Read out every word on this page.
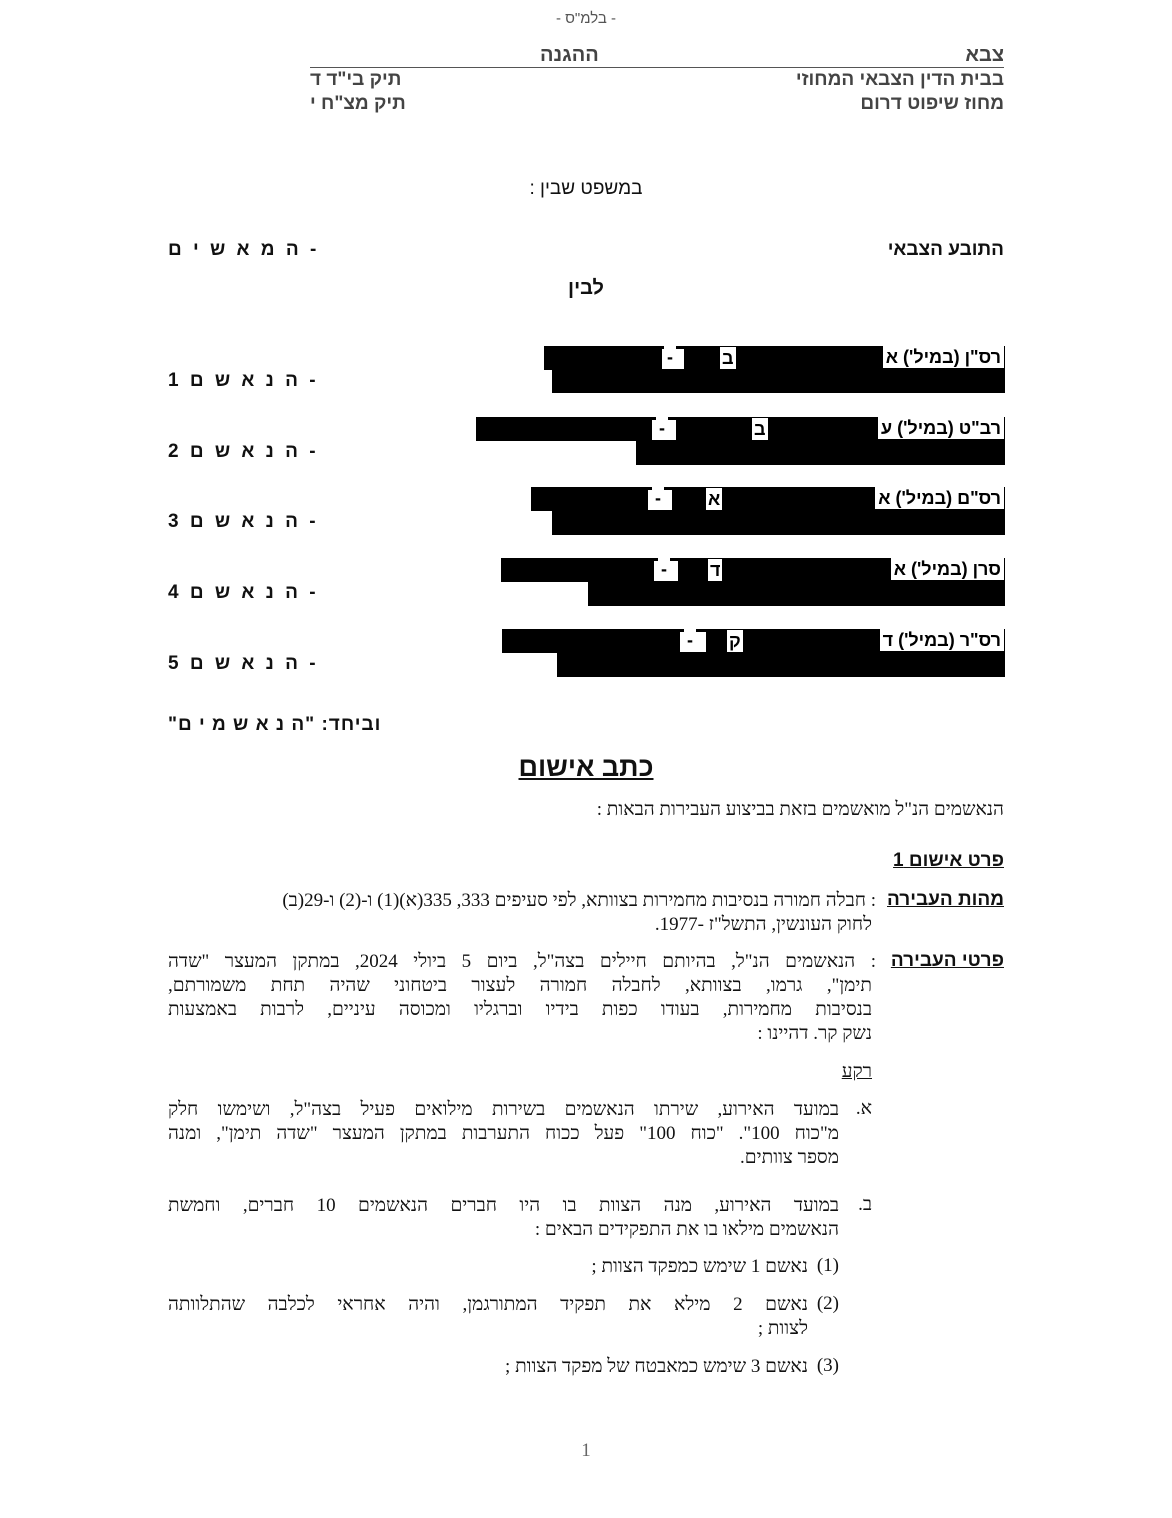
- בלמ"ס -
צבא
ההגנה
בבית הדין הצבאי המחוזי
מחוז שיפוט דרום
תיק בי"ד ד
תיק מצ"ח י
במשפט שבין :
התובע הצבאי
- ה מ א ש י ם
לבין
-	ב	רס"ן (במיל') א
- ה נ א ש ם 1
-	ב	רב"ט (במיל') ע
- ה נ א ש ם 2
-	א	רס"ם (במיל') א
- ה נ א ש ם 3
- ד	סרן (במיל') א
- ה נ א ש ם 4
- ק	רס"ר (במיל') ד
- ה נ א ש ם 5
וביחד: "ה נ א ש מ י ם"
כתב אישום
הנאשמים הנ"ל מואשמים בזאת בביצוע העבירות הבאות :
פרט אישום 1
מהות העבירה
: חבלה חמורה בנסיבות מחמירות בצוותא, לפי סעיפים 333, 335(א)(1) ו-(2) ו-29(ב)
לחוק העונשין, התשל"ז -1977.
פרטי העבירה
: הנאשמים הנ"ל, בהיותם חיילים בצה"ל, ביום 5 ביולי 2024, במתקן המעצר "שדה
תימן", גרמו, בצוותא, לחבלה חמורה לעצור ביטחוני שהיה תחת משמורתם,
בנסיבות מחמירות, בעודו כפות בידיו וברגליו ומכוסה עיניים, לרבות באמצעות
נשק קר. דהיינו :
רקע
א.
במועד האירוע, שירתו הנאשמים בשירות מילואים פעיל בצה"ל, ושימשו חלק
מ"כוח 100". "כוח 100" פעל ככוח התערבות במתקן המעצר "שדה תימן", ומנה
מספר צוותים.
ב.
במועד האירוע, מנה הצוות בו היו חברים הנאשמים 10 חברים, וחמשת
הנאשמים מילאו בו את התפקידים הבאים :
(1)
נאשם 1 שימש כמפקד הצוות ;
(2)
נאשם 2 מילא את תפקיד המתורגמן, והיה אחראי לכלבה שהתלוותה
לצוות ;
(3)
נאשם 3 שימש כמאבטח של מפקד הצוות ;
1
